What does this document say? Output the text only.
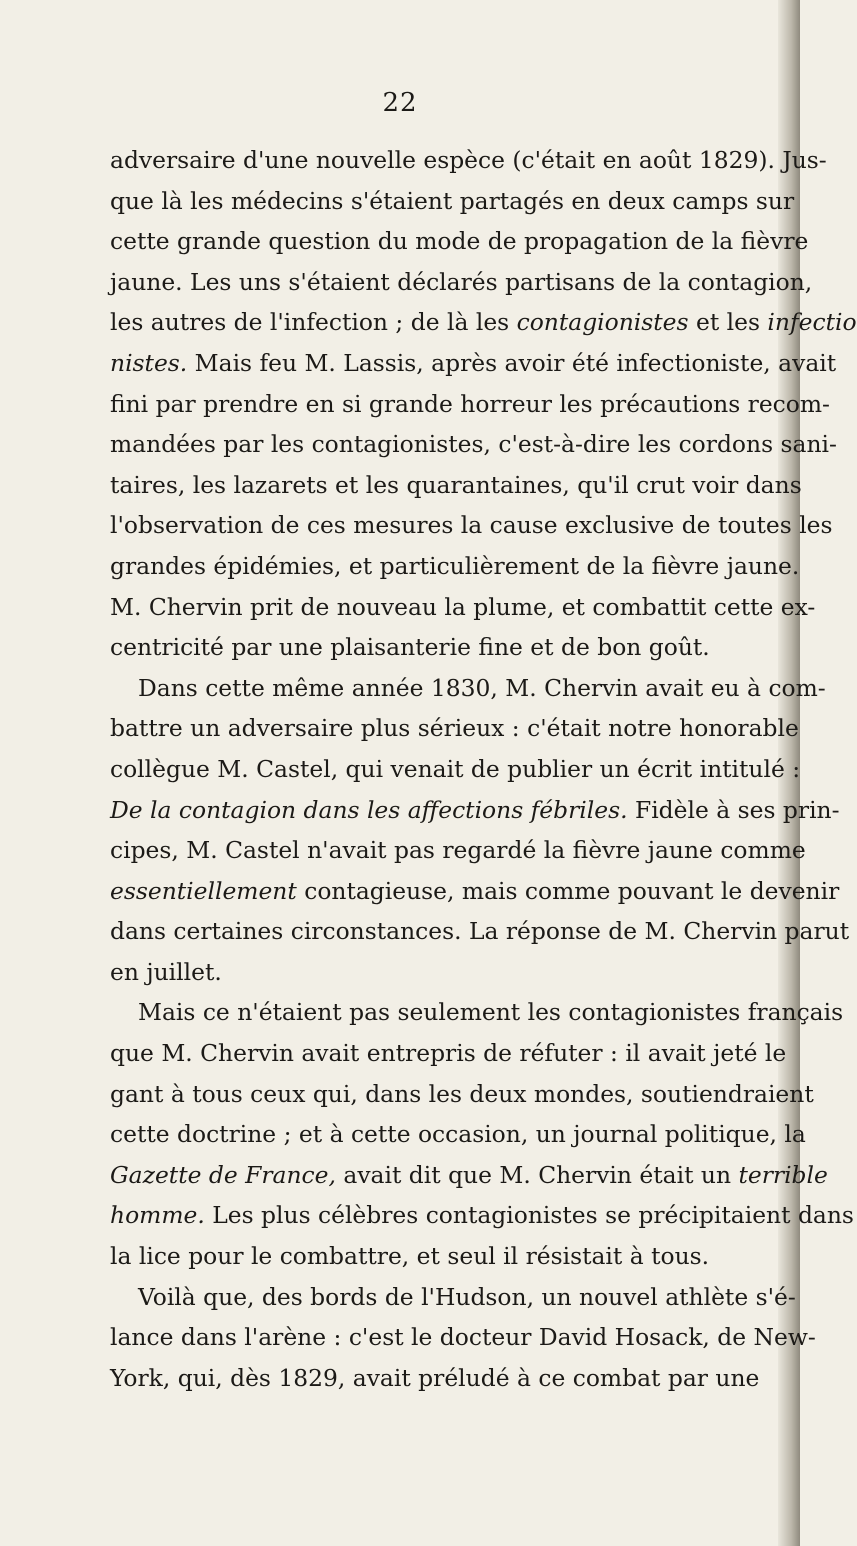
22
adversaire d'une nouvelle espèce (c'était en août 1829). Jus-
que là les médecins s'étaient partagés en deux camps sur
cette grande question du mode de propagation de la fièvre
jaune. Les uns s'étaient déclarés partisans de la contagion,
les autres de l'infection ; de là les contagionistes et les infectio
nistes. Mais feu M. Lassis, après avoir été infectioniste, avait
fini par prendre en si grande horreur les précautions recom-
mandées par les contagionistes, c'est-à-dire les cordons sani-
taires, les lazarets et les quarantaines, qu'il crut voir dans
l'observation de ces mesures la cause exclusive de toutes les
grandes épidémies, et particulièrement de la fièvre jaune.
M. Chervin prit de nouveau la plume, et combattit cette ex-
centricité par une plaisanterie fine et de bon goût.
Dans cette même année 1830, M. Chervin avait eu à com-
battre un adversaire plus sérieux : c'était notre honorable
collègue M. Castel, qui venait de publier un écrit intitulé :
De la contagion dans les affections fébriles. Fidèle à ses prin-
cipes, M. Castel n'avait pas regardé la fièvre jaune comme
essentiellement contagieuse, mais comme pouvant le devenir
dans certaines circonstances. La réponse de M. Chervin parut
en juillet.
Mais ce n'étaient pas seulement les contagionistes français
que M. Chervin avait entrepris de réfuter : il avait jeté le
gant à tous ceux qui, dans les deux mondes, soutiendraient
cette doctrine ; et à cette occasion, un journal politique, la
Gazette de France, avait dit que M. Chervin était un terrible
homme. Les plus célèbres contagionistes se précipitaient dans
la lice pour le combattre, et seul il résistait à tous.
Voilà que, des bords de l'Hudson, un nouvel athlète s'é-
lance dans l'arène : c'est le docteur David Hosack, de New-
York, qui, dès 1829, avait préludé à ce combat par une
